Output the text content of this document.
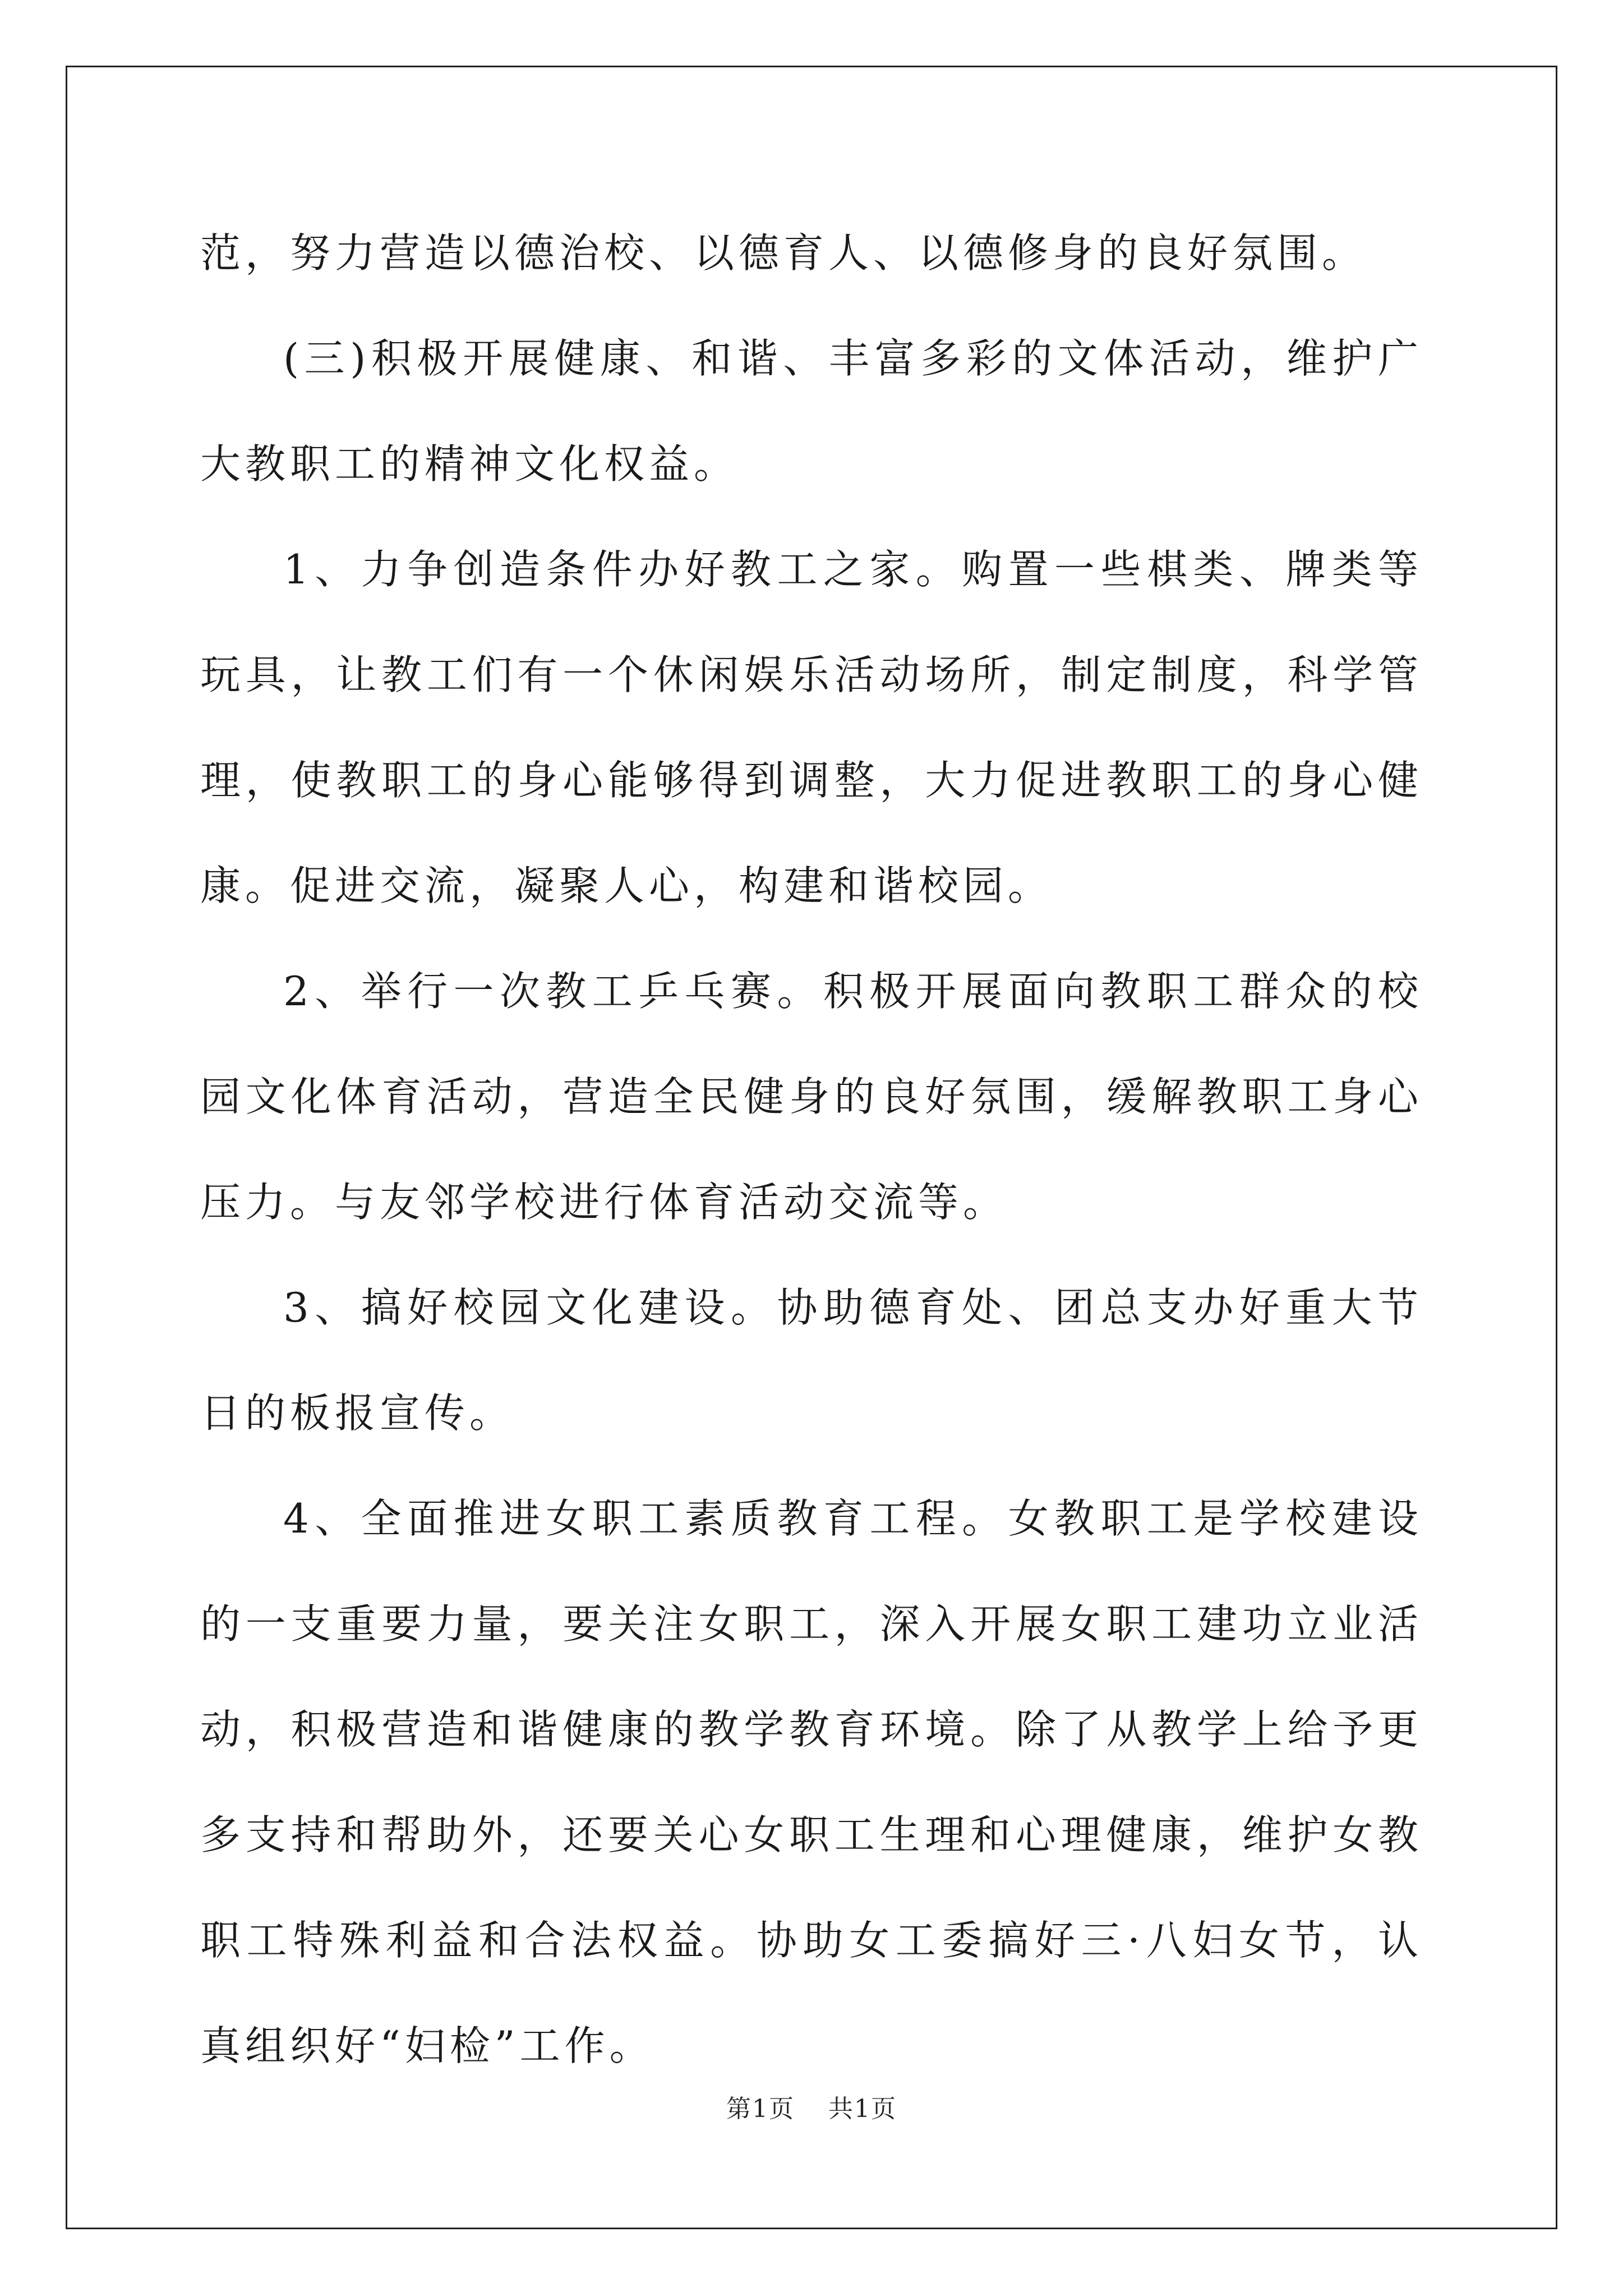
范，努力营造以德治校、以德育人、以德修身的良好氛围。

(三)积极开展健康、和谐、丰富多彩的文体活动，维护广大教职工的精神文化权益。

1、力争创造条件办好教工之家。购置一些棋类、牌类等玩具，让教工们有一个休闲娱乐活动场所，制定制度，科学管理，使教职工的身心能够得到调整，大力促进教职工的身心健康。促进交流，凝聚人心，构建和谐校园。

2、举行一次教工乒乓赛。积极开展面向教职工群众的校园文化体育活动，营造全民健身的良好氛围，缓解教职工身心压力。与友邻学校进行体育活动交流等。

3、搞好校园文化建设。协助德育处、团总支办好重大节日的板报宣传。

4、全面推进女职工素质教育工程。女教职工是学校建设的一支重要力量，要关注女职工，深入开展女职工建功立业活动，积极营造和谐健康的教学教育环境。除了从教学上给予更多支持和帮助外，还要关心女职工生理和心理健康，维护女教职工特殊利益和合法权益。协助女工委搞好三·八妇女节，认真组织好“妇检”工作。

第1页 共1页
